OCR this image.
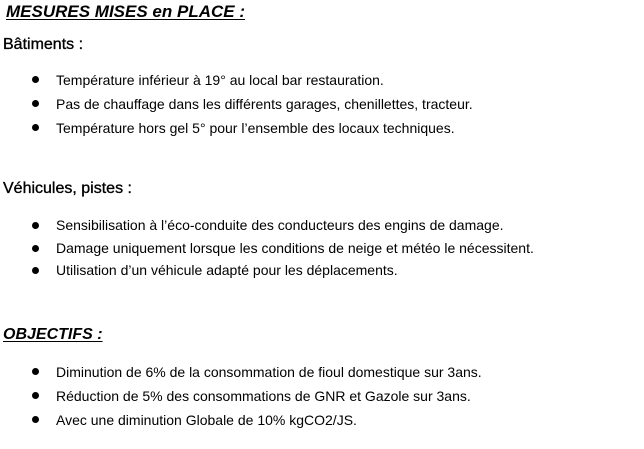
MESURES MISES en PLACE :
Bâtiments :
Température inférieur à 19° au local bar restauration.
Pas de chauffage dans les différents garages, chenillettes, tracteur.
Température hors gel 5° pour l’ensemble des locaux techniques.
Véhicules, pistes :
Sensibilisation à l’éco-conduite des conducteurs des engins de damage.
Damage uniquement lorsque les conditions de neige et météo le nécessitent.
Utilisation d’un véhicule adapté pour les déplacements.
OBJECTIFS :
Diminution de 6% de la consommation de fioul domestique sur 3ans.
Réduction de 5% des consommations de GNR et Gazole sur 3ans.
Avec une diminution Globale de 10% kgCO2/JS.
